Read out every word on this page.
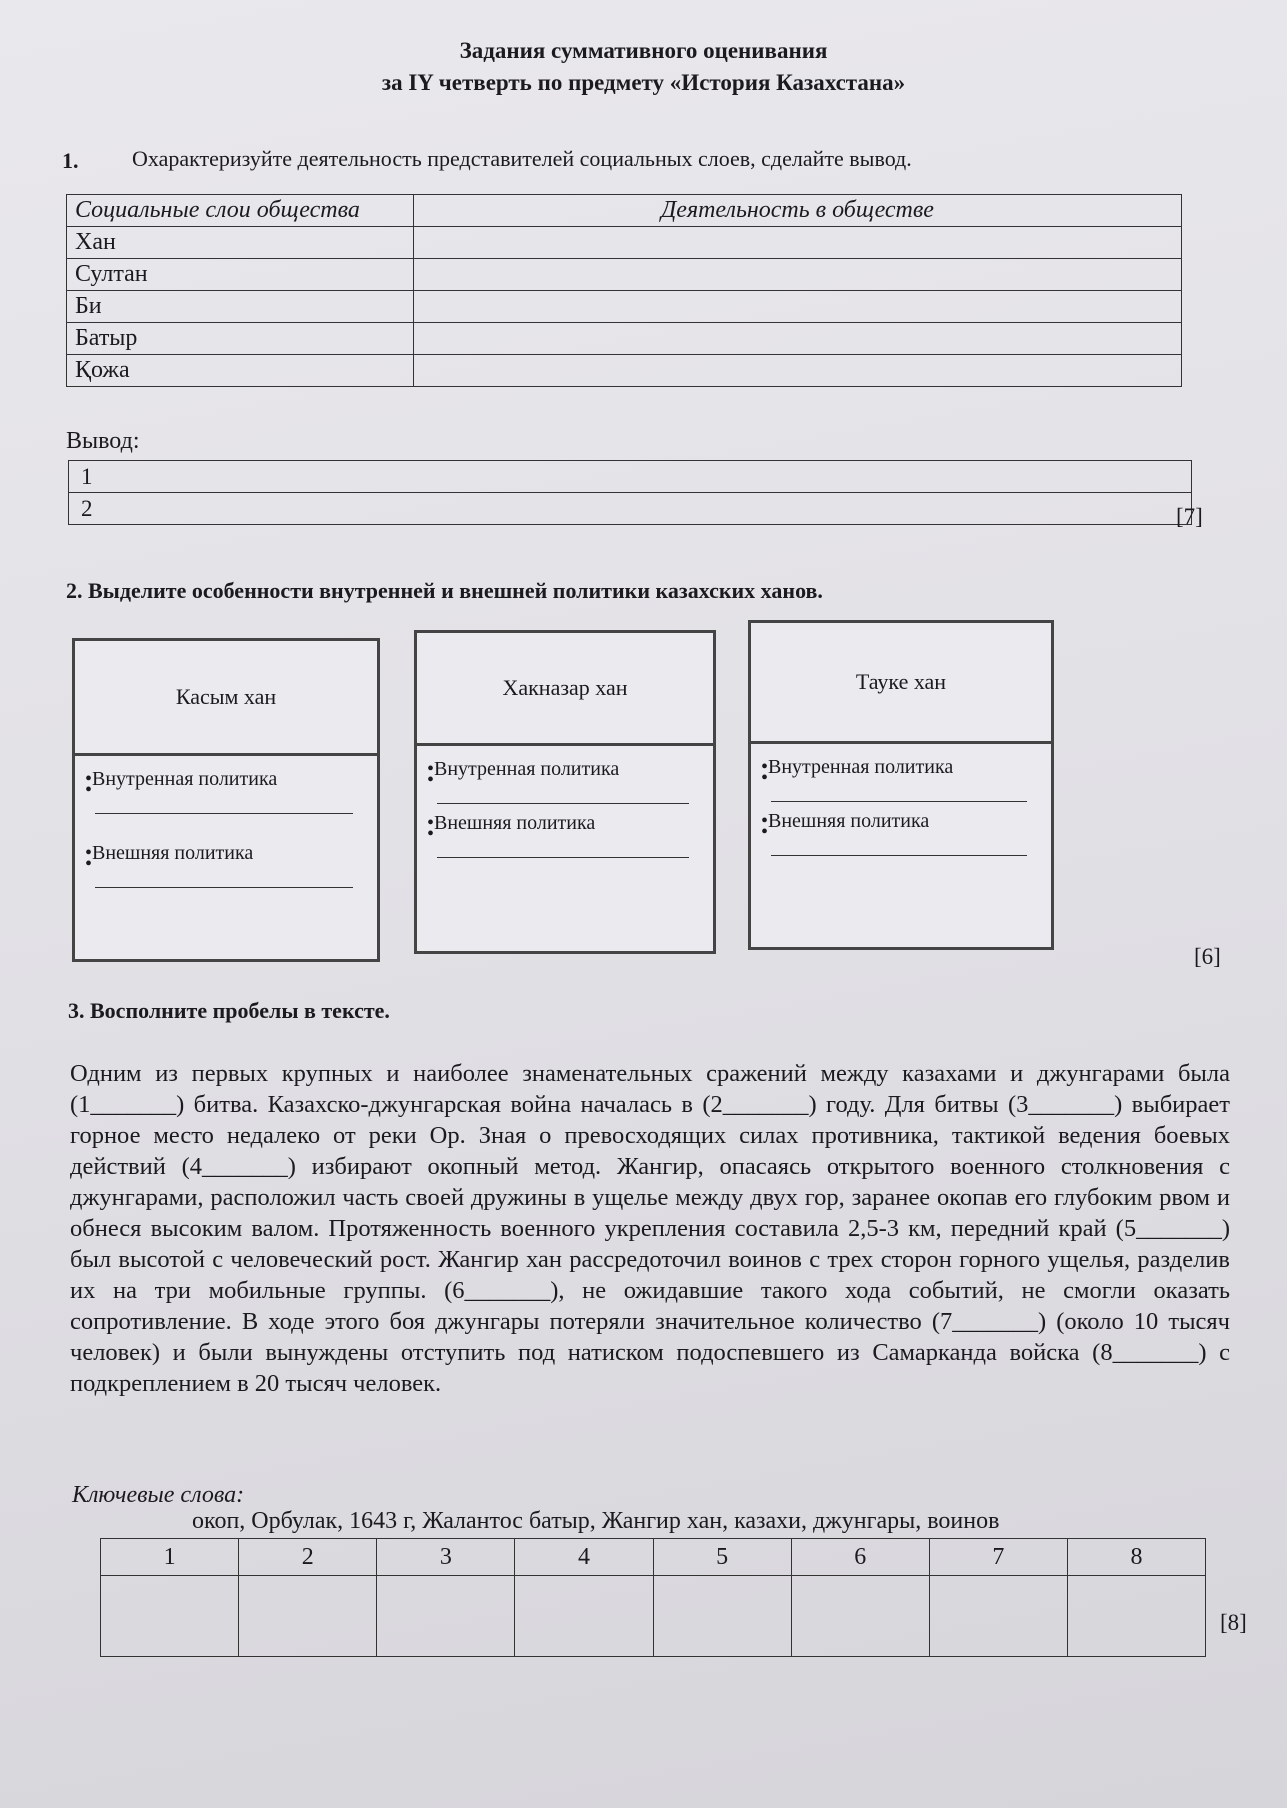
Задания суммативного оценивания
за IY четверть по предмету «История Казахстана»
1. Охарактеризуйте деятельность представителей социальных слоев, сделайте вывод.
Социальные слои общества	Деятельность в обществе
Хан	
Султан	
Би	
Батыр	
Қожа	
Вывод:
1
2	[7]
2. Выделите особенности внутренней и внешней политики казахских ханов.
Касым хан
•Внутренная политика
•
•Внешняя политика
•
Хакназар хан
•Внутренная политика
•
•Внешняя политика
•
Тауке хан
•Внутренная политика
•
•Внешняя политика
•
[6]
3. Восполните пробелы в тексте.
Одним из первых крупных и наиболее знаменательных сражений между казахами и джунгарами была (1_______) битва. Казахско-джунгарская война началась в (2_______) году. Для битвы (3_______) выбирает горное место недалеко от реки Ор. Зная о превосходящих силах противника, тактикой ведения боевых действий (4_______) избирают окопный метод. Жангир, опасаясь открытого военного столкновения с джунгарами, расположил часть своей дружины в ущелье между двух гор, заранее окопав его глубоким рвом и обнеся высоким валом. Протяженность военного укрепления составила 2,5-3 км, передний край (5_______) был высотой с человеческий рост. Жангир хан рассредоточил воинов с трех сторон горного ущелья, разделив их на три мобильные группы. (6_______), не ожидавшие такого хода событий, не смогли оказать сопротивление. В ходе этого боя джунгары потеряли значительное количество (7_______) (около 10 тысяч человек) и были вынуждены отступить под натиском подоспевшего из Самарканда войска (8_______) с подкреплением в 20 тысяч человек.
Ключевые слова:
окоп, Орбулак, 1643 г, Жалантос батыр, Жангир хан, казахи, джунгары, воинов
1	2	3	4	5	6	7	8

[8]
